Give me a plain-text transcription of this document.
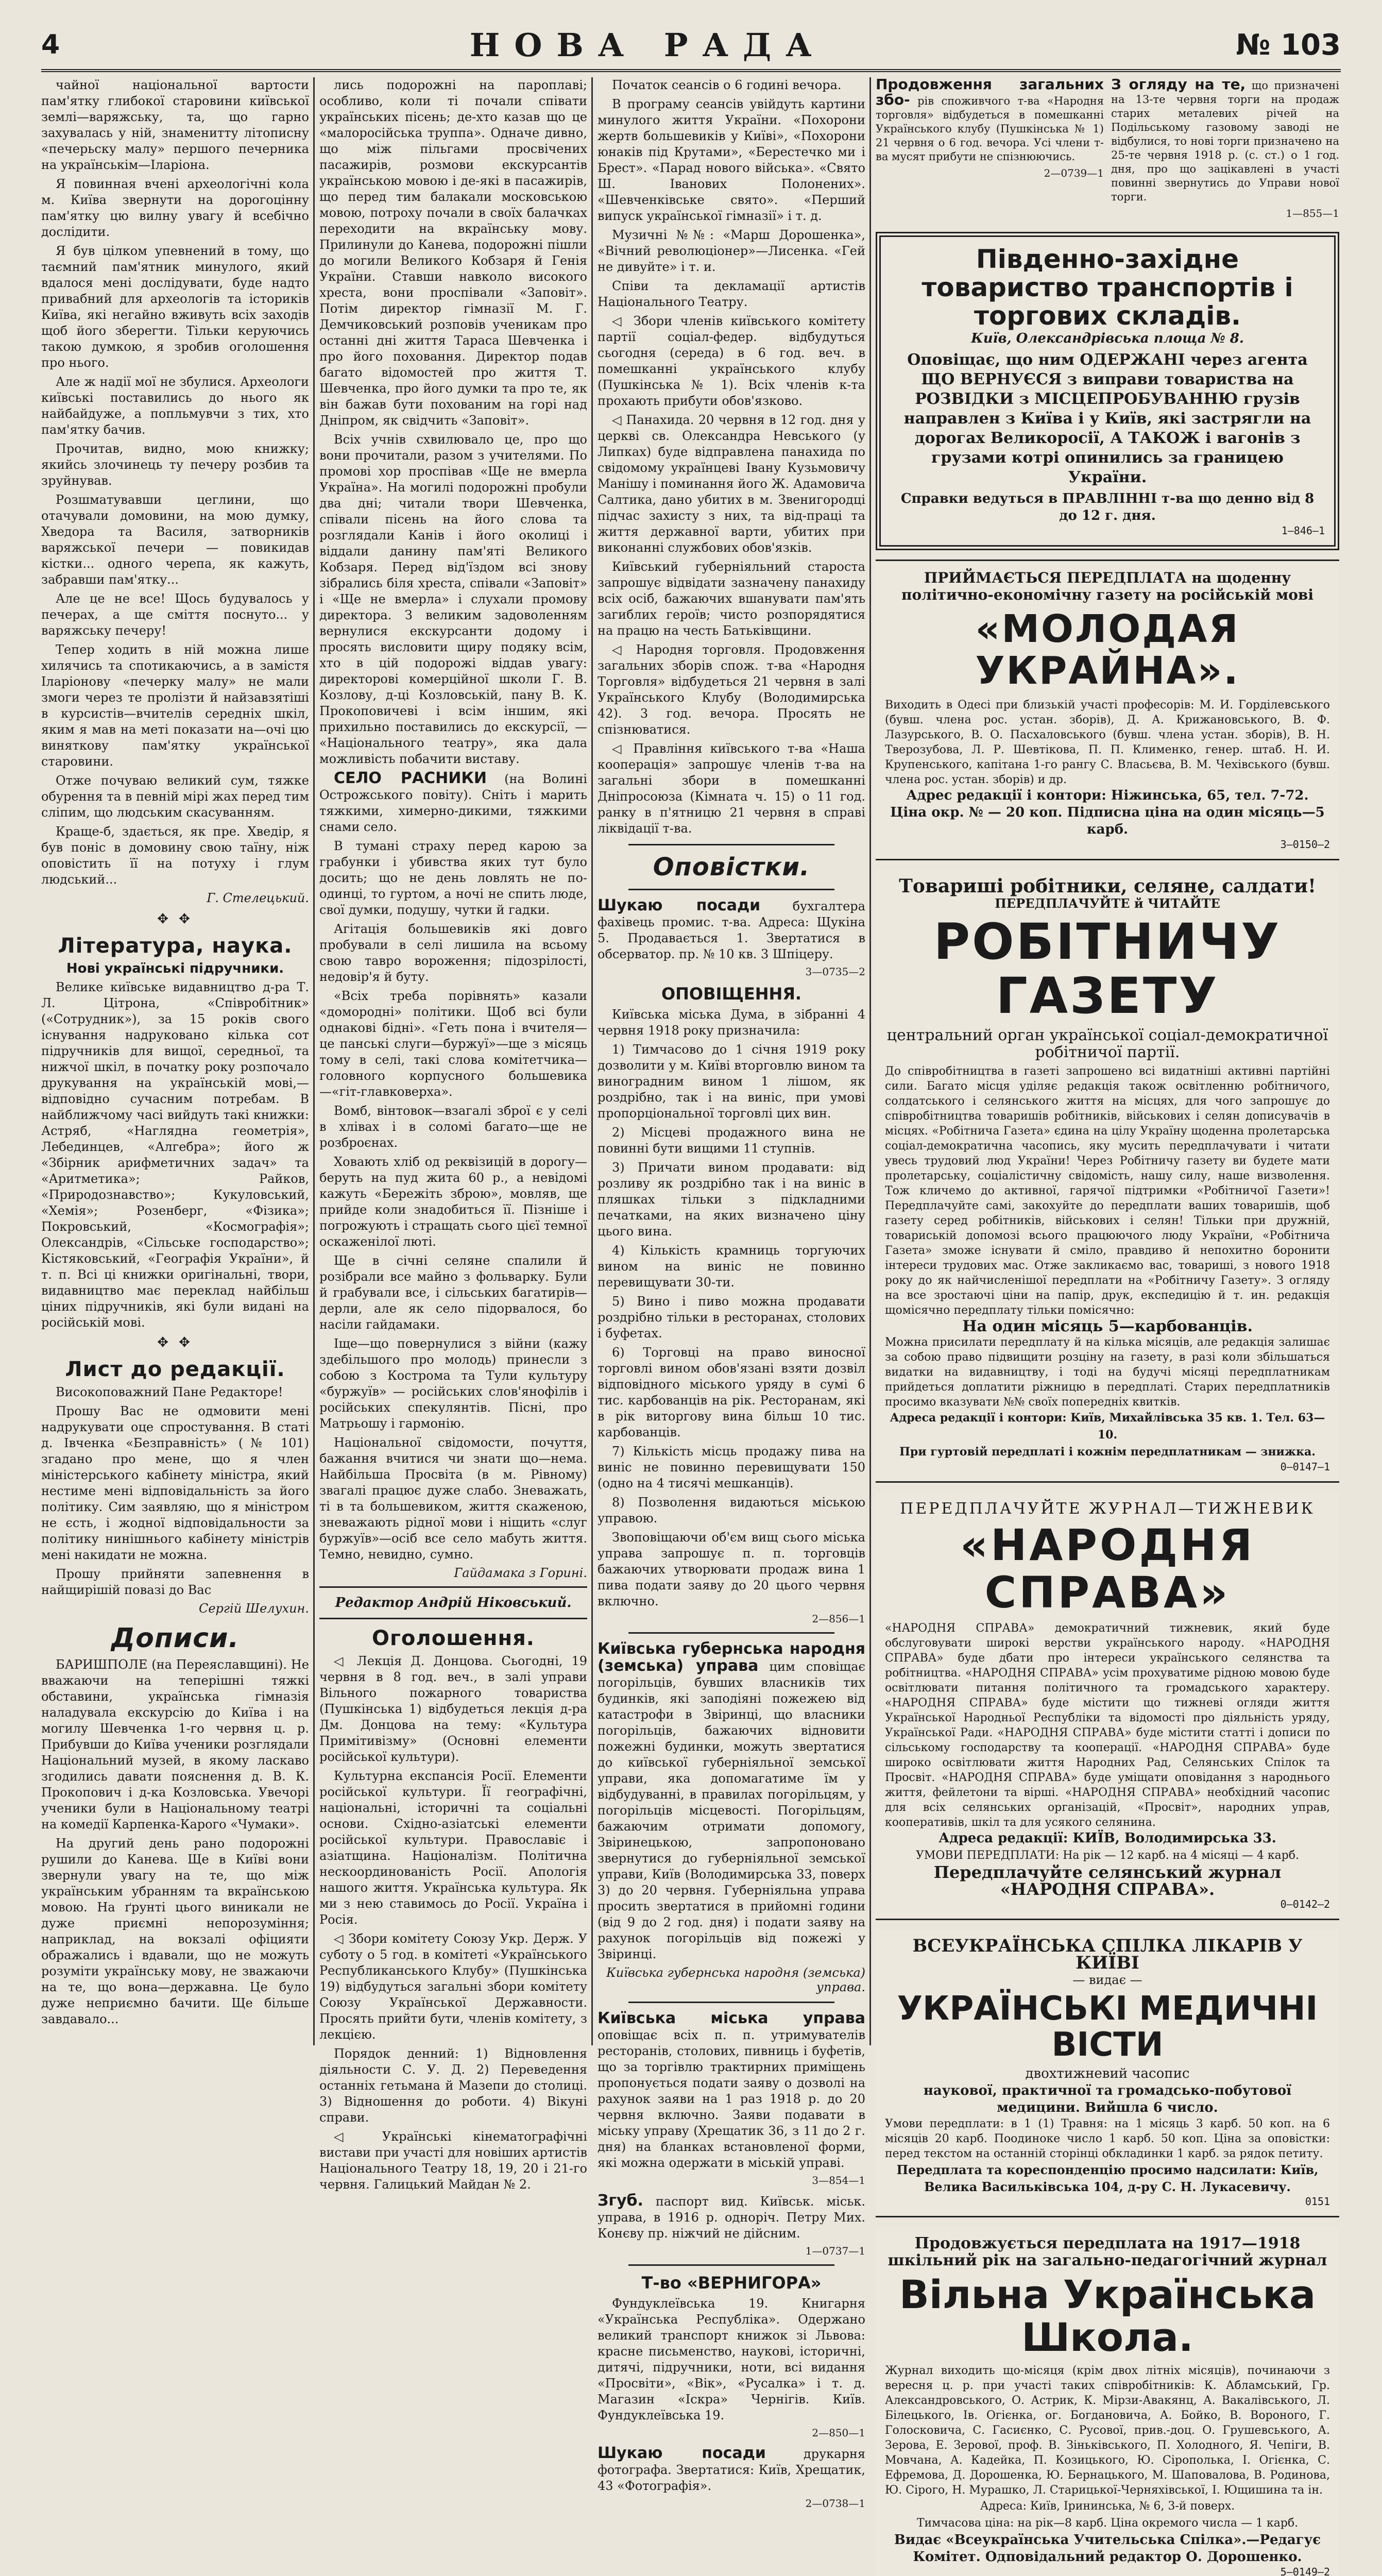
4	НОВА РАДА	№ 103

чайної національної вартости пам'ятку глибокої старовини київської землі—варяжську, та, що гарно захувалась у ній, знаменитту літописну «печерьску малу» першого печерника на українськім—Іларіона.

Я повинная вчені археологічні кола м. Київа звернути на дорогоцінну пам'ятку цю вилну увагу й всебічно дослідити.

Я був цілком упевнений в тому, що таємний пам'ятник минулого, який вдалося мені дослідувати, буде надто привабний для археологів та істориків Київа, які негайно вживуть всіх заходів щоб його зберегти. Тільки керуючись такою думкою, я зробив оголошення про нього.

Але ж надії мої не збулися. Археологи київські поставились до нього як найбайдуже, а попльмувчи з тих, хто пам'ятку бачив.

Прочитав, видно, мою книжку; якийсь злочинець ту печеру розбив та зруйнував.

Розшматувавши цеглини, що отачували домовини, на мою думку, Хведора та Василя, затворників варяжської печери — повикидав кістки... одного черепа, як кажуть, забравши пам'ятку...

Але це не все! Щось будувалось у печерах, а ще сміття поснуто... у варяжську печеру!

Тепер ходить в ній можна лише хилячись та спотикаючись, а в замістя Іларіонову «печерку малу» не мали змоги через те пролізти й найзавзятіші в курсистів—вчителів середніх шкіл, яким я мав на меті показати на—очі цю виняткову пам'ятку української старовини.

Отже почуваю великий сум, тяжке обурення та в певній мірі жах перед тим сліпим, що людським скасуванням.

Краще-б, здається, як пре. Хведір, я був поніс в домовину свою таїну, ніж оповістить її на потуху і глум людський...

Г. Стелецький.
✥ ✥
Література, наука.
Нові українські підручники.

Велике київське видавництво д-ра Т. Л. Цітрона, «Співробітник» («Сотрудник»), за 15 років свого існування надруковано кілька сот підручників для вищої, середньої, та нижчої шкіл, в початку року розпочало друкування на українській мові,—відповідно сучасним потребам. В найближчому часі вийдуть такі книжки: Астряб, «Наглядна геометрія», Лебединцев, «Алгебра»; його ж «Збірник арифметичних задач» та «Аритметика»; Райков, «Природознавство»; Кукуловський, «Хемія»; Розенберг, «Фізика»; Покровський, «Космографія»; Олександрів, «Сільське господарство»; Кістяковський, «Географія України», й т. п. Всі ці книжки оригінальні, твори, видавництво має переклад найбільш ціних підручників, які були видані на російській мові.

✥ ✥
Лист до редакції.

Високоповажний Пане Редакторе!

Прошу Вас не одмовити мені надрукувати оце спростування. В статі д. Івченка «Безправність» (№ 101) згадано про мене, що я член міністерського кабінету міністра, який нестиме мені відповідальність за його політику. Сим заявляю, що я міністром не єсть, і жодної відповідальности за політику нинішнього кабінету міністрів мені накидати не можна.

Прошу прийняти запевнення в найщирішій повазі до Вас

Сергій Шелухин.
Дописи.

БАРИШПОЛЕ (на Переяславщині). Не вважаючи на теперішні тяжкі обставини, українська гімназія наладувала екскурсію до Київа і на могилу Шевченка 1-го червня ц. р. Прибувши до Київа ученики розглядали Національний музей, в якому ласкаво згодились давати пояснення д. В. К. Прокопович і д-ка Козловська. Увечорі ученики були в Національному театрі на комедії Карпенка-Карого «Чумаки».

На другий день рано подорожні рушили до Канева. Ще в Київі вони звернули увагу на те, що між українським убранням та вкраїнською мовою. На ґрунті цього виникали не дуже приємні непорозуміння; наприклад, на вокзалі офіцияти ображались і вдавали, що не можуть розуміти українську мову, не зважаючи на те, що вона—державна. Це було дуже неприємно бачити. Ще більше завдавало...

лись подорожні на пароплаві; особливо, коли ті почали співати українських пісень; де-хто казав що це «малоросійська труппа». Одначе дивно, що між пільгами просвічених пасажирів, розмови екскурсантів українською мовою і де-які в пасажирів, що перед тим балакали московською мовою, потроху почали в своїх балачках переходити на вкраїнську мову. Прилинули до Канева, подорожні пішли до могили Великого Кобзаря й Генія України. Ставши навколо високого хреста, вони проспівали «Заповіт». Потім директор гімназії М. Г. Демчиковський розповів ученикам про останні дні життя Тараса Шевченка і про його поховання. Директор подав багато відомостей про життя Т. Шевченка, про його думки та про те, як він бажав бути похованим на горі над Дніпром, як свідчить «Заповіт».

Всіх учнів схвилювало це, про що вони прочитали, разом з учителями. По промові хор проспівав «Ще не вмерла Україна». На могилі подорожні пробули два дні; читали твори Шевченка, співали пісень на його слова та розглядали Канів і його околиці і віддали данину пам'яті Великого Кобзаря. Перед від'їздом всі знову зібрались біля хреста, співали «Заповіт» і «Ще не вмерла» і слухали промову директора. З великим задоволенням вернулися екскурсанти додому і просять висловити щиру подяку всім, хто в цій подорожі віддав увагу: директорові комерційної школи Г. В. Козлову, д-ці Козловській, пану В. К. Прокоповичеві і всім іншим, які прихильно поставились до екскурсії, — «Національного театру», яка дала можливість побачити виставу.

СЕЛО РАСНИКИ (на Волині Острожського повіту). Сніть і марить тяжкими, химерно-дикими, тяжкими снами село.

В тумані страху перед карою за грабунки і убивства яких тут було досить; що не день ловлять не по-одинці, то гуртом, а ночі не спить люде, свої думки, подушу, чутки й гадки.

Агітація большевиків які довго пробували в селі лишила на всьому свою тавро вороження; підозрілості, недовір'я й буту.

«Всіх треба порівнять» казали «домородні» політики. Щоб всі були однакові бідні». «Геть пона і вчителя—це панські слуги—буржуї»—ще з місяць тому в селі, такі слова комітетчика—головного корпусного большевика—«гіт-главковерха».

Вомб, вінтовок—взагалі зброї є у селі в хлівах і в соломі багато—ще не розброєнах.

Ховають хліб од реквізицій в дорогу—беруть на пуд жита 60 р., а невідомі кажуть «Бережіть зброю», мовляв, ще прийде коли знадобиться її. Пізніше і погрожують і стращать сього цієї темної оскаженілої люті.

Ще в січні селяне спалили й розібрали все майно з фольварку. Були й грабували все, і сільських багатирів—дерли, але як село підорвалося, бо насіли гайдамаки.

Іще—що повернулися з війни (кажу здебільшого про молодь) принесли з собою з Кострома та Тули культуру «буржуїв» — російських слов'янофілів і російських спекулянтів. Пісні, про Матрьошу і гармонію.

Національної свідомости, почуття, бажання вчитися чи знати що—нема. Найбільша Просвіта (в м. Рівному) звагалі працює дуже слабо. Зневажать, ті в та большевиком, життя скаженою, зневажають рідної мови і ніщить «слуг буржуїв»—осіб все село мабуть життя. Темно, невидно, сумно.

Гайдамака з Горині.
Редактор Андрій Ніковський.
Оголошення.

◁ Лекція Д. Донцова. Сьогодні, 19 червня в 8 год. веч., в залі управи Вільного пожарного товариства (Пушкінська 1) відбудеться лекція д-ра Дм. Донцова на тему: «Культура Примітивізму» (Основні елементи російської культури).

Культурна експансія Росії. Елементи російської культури. Її географічні, національні, історичні та соціальні основи. Східно-азіатські елементи російської культури. Православіє і азіатщина. Націоналізм. Політична нескоординованість Росії. Апологія нашого життя. Українська культура. Як ми з нею ставимось до Росії. Україна і Росія.

◁ Збори комітету Союзу Укр. Держ. У суботу о 5 год. в комітеті «Українського Республиканського Клубу» (Пушкінська 19) відбудуться загальні збори комітету Союзу Української Державности. Просять прийти бути, членів комітету, з лекцією.

Порядок денний: 1) Відновлення діяльности С. У. Д. 2) Переведення останніх гетьмана й Мазепи до столиці. 3) Відношення до роботи. 4) Вікуні справи.

◁ Українські кінематографічні вистави при участі для новіших артистів Національного Театру 18, 19, 20 і 21-го червня. Галицький Майдан № 2.

Початок сеансів о 6 годині вечора.

В програму сеансів увійдуть картини минулого життя України. «Похорони жертв большевиків у Київі», «Похорони юнаків під Крутами», «Берестечко ми і Брест». «Парад нового війська». «Свято Ш. Іванових Полонених». «Шевченківське свято». «Перший випуск української гімназії» і т. д.

Музичні №№: «Марш Дорошенка», «Вічний революціонер»—Лисенка. «Гей не дивуйте» і т. и.

Співи та декламації артистів Національного Театру.

◁ Збори членів київського комітету партії соціал-федер. відбудуться сьогодня (середа) в 6 год. веч. в помешканні українського клубу (Пушкінська № 1). Всіх членів к-та прохають прибути обов'язково.

◁ Панахида. 20 червня в 12 год. дня у церкві св. Олександра Невського (у Липках) буде відправлена панахида по свідомому українцеві Івану Кузьмовичу Манішу і поминання його Ж. Адамовича Салтика, дано убитих в м. Звенигородці підчас захисту з них, та від-праці та життя державної варти, убитих при виконанні службових обов'язків.

Київський губерніяльний староста запрошує відвідати зазначену панахиду всіх осіб, бажаючих вшанувати пам'ять загиблих героїв; чисто розпорядятися на працю на честь Батьківщини.

◁ Народня торговля. Продовження загальних зборів спож. т-ва «Народня Торговля» відбудеться 21 червня в залі Українського Клубу (Володимирська 42). 3 год. вечора. Просять не спізнюватися.

◁ Правління київського т-ва «Наша кооперація» запрошує членів т-ва на загальні збори в помешканні Дніпросоюза (Кімната ч. 15) о 11 год. ранку в п'ятницю 21 червня в справі ліквідації т-ва.

Оповістки.

Шукаю посади	бухгалтера фахівець промис. т-ва. Адреса: Щукіна 5. Продавається 1. Звертатися в обсерватор. пр. № 10 кв. 3 Шпіцеру.

3—0735—2
ОПОВІЩЕННЯ.

Київська міська Дума, в зібранні 4 червня 1918 року призначила:

1) Тимчасово до 1 січня 1919 року дозволити у м. Київі вторговлю вином та виноградним вином 1 лішом, як роздрібно, так і на виніс, при умові пропорціональної торговлі цих вин.

2) Місцеві продажного вина не повинні бути вищими 11 ступнів.

3) Причати вином продавати: від розливу як роздрібно так і на виніс в пляшках тільки з підкладними печатками, на яких визначено ціну цього вина.

4) Кількість крамниць торгуючих вином на виніс не повинно перевищувати 30-ти.

5) Вино і пиво можна продавати роздрібно тільки в ресторанах, столових і буфетах.

6) Торговці на право виносної торговлі вином обов'язані взяти дозвіл відповідного міського уряду в сумі 6 тис. карбованців на рік. Ресторанам, які в рік виторгову вина більш 10 тис. карбованців.

7) Кількість місць продажу пива на виніс не повинно перевищувати 150 (одно на 4 тисячі мешканців).

8) Позволення видаються міською управою.

Звоповіщаючи об'єм вищ сього міська управа запрошує п. п. торговців бажаючих утворювати продаж вина 1 пива подати заяву до 20 цього червня включно.

2—856—1

Київська губернська народня (земська) управа цим сповіщає погорільців, бувших власників тих будинків, які заподіяні пожежею від катастрофи в Звіринці, що власники погорільців, бажаючих відновити пожежні будинки, можуть звертатися до київської губерніяльної земської управи, яка допомагатиме їм у відбудуванні, в правилах погорільцям, у погорільців місцевості. Погорільцям, бажаючим отримати допомогу, Звіринецькою, запропоновано звернутися до губерніяльної земської управи, Київ (Володимирська 33, поверх 3) до 20 червня. Губерніяльна управа просить звертатися в прийомні години (від 9 до 2 год. дня) і подати заяву на рахунок погорільців від пожежі у Звіринці.

Київська губернська народня (земська) управа.

Київська міська управа оповіщає всіх п. п. утримувателів ресторанів, столових, пивниць і буфетів, що за торгівлю трактирних приміщень пропонується подати заяву о дозволі на рахунок заяви на 1 раз 1918 р. до 20 червня включно. Заяви подавати в міську управу (Хрещатик 36, з 11 до 2 г. дня) на бланках встановленої форми, які можна одержати в міській управі.

3—854—1

Згуб. паспорт вид. Київськ. міськ. управа, в 1916 р. одноріч. Петру Мих. Конєву пр. ніжчий не дійсним.

1—0737—1
Т-во «ВЕРНИГОРА»

Фундуклеївська 19. Книгарня «Українська Республіка». Одержано великий транспорт книжок зі Львова: красне письменство, наукові, історичні, дитячі, підручники, ноти, всі видання «Просвіти», «Вік», «Русалка» і т. д. Магазин «Іскра» Чернігів. Київ. Фундуклеївська 19.

2—850—1

Шукаю посади	друкарня фотографа. Звертатися: Київ, Хрещатик, 43 «Фотографія».

2—0738—1

Продовження загальних збо- рів споживчого т-ва «Народня торговля» відбудеться в помешканні Українського клубу (Пушкінська № 1) 21 червня о 6 год. вечора. Усі члени т-ва мусят прибути не спізнюючись.

2—0739—1

З огляду на те, що призначені на 13-те червня торги на продаж старих металевих річей на Подільському газовому заводі не відбулися, то нові торги призначено на 25-те червня 1918 р. (с. ст.) о 1 год. дня, про що зацікавлені в участі повинні звернутись до Управи нової торги.

1—855—1
Південно-західне товариство транспортів і торгових складів.
Київ, Олександрівська площа № 8.
Оповіщає, що ним ОДЕРЖАНІ через агента ЩО ВЕРНУЄСЯ з виправи товариства на РОЗВІДКИ з МІСЦЕПРОБУВАННЮ грузів направлен з Київа і у Київ, які застрягли на дорогах Великоросії, А ТАКОЖ і вагонів з грузами котрі опинились за границею України.
Справки ведуться в ПРАВЛІННІ т-ва що денно від 8 до 12 г. дня.
1—846—1
ПРИЙМАЄТЬСЯ ПЕРЕДПЛАТА на щоденну політично-економічну газету на російській мові
«МОЛОДАЯ УКРАЙНА».
Виходить в Одесі при близькій участі професорів: М. И. Горділевського (бувш. члена рос. устан. зборів), Д. А. Крижановського, В. Ф. Лазурського, В. О. Пасхаловського (бувш. члена устан. зборів), В. Н. Тверозубова, Л. Р. Шевтікова, П. П. Клименко, генер. штаб. Н. И. Крупенського, капітана 1-го рангу С. Власьєва, В. М. Чехівського (бувш. члена рос. устан. зборів) и др.
Адрес редакції і контори: Ніжинська, 65, тел. 7-72.
Ціна окр. № — 20 коп. Підписна ціна на один місяць—5 карб.
3—0150—2
Товариші робітники, селяне, салдати!
ПЕРЕДПЛАЧУЙТЕ й ЧИТАЙТЕ
РОБІТНИЧУ ГАЗЕТУ
центральний орган української соціал-демократичної робітничої партії.
До співробітництва в газеті запрошено всі видатніші активні партійні сили. Багато місця уділяє редакція також освітленню робітничого, солдатського і селянського життя на місцях, для чого запрошує до співробітництва товаришів робітників, військових і селян дописувачів в місцях. «Робітнича Газета» єдина на цілу Україну щоденна пролетарська соціал-демократична часопись, яку мусить передплачувати і читати увесь трудовий люд України! Через Робітничу газету ви будете мати пролетарську, соціалістичну свідомість, нашу силу, наше визволення. Тож кличемо до активної, гарячої підтримки «Робітничої Газети»! Передплачуйте самі, закохуйте до передплати ваших товаришів, щоб газету серед робітників, військових і селян! Тільки при дружній, товариській допомозі всього працюючого люду України, «Робітнича Газета» зможе існувати й сміло, правдиво й непохитно боронити інтереси трудових мас. Отже закликаємо вас, товариші, з нового 1918 року до як найчисленішої передплати на «Робітничу Газету». З огляду на все зростаючі ціни на папір, друк, експедицію й т. ин. редакція щомісячно передплату тільки помісячно:
На один місяць 5—карбованців.
Можна присилати передплату й на кілька місяців, але редакція залишає за собою право підвищити розціну на газету, в разі коли збільшаться видатки на видавництву, і тоді на будучі місяці передплатникам прийдеться доплатити ріжницю в передплаті. Старих передплатників просимо вказувати №№ своїх попередніх квитків.
Адреса редакції і контори: Київ, Михайлівська 35 кв. 1. Тел. 63—10.
При гуртовій передплаті і кожнім передплатникам — знижка.
0—0147—1
ПЕРЕДПЛАЧУЙТЕ ЖУРНАЛ—ТИЖНЕВИК
«НАРОДНЯ СПРАВА»
«НАРОДНЯ СПРАВА» демократичний тижневик, який буде обслуговувати широкі верстви українського народу. «НАРОДНЯ СПРАВА» буде дбати про інтереси українського селянства та робітництва. «НАРОДНЯ СПРАВА» усім прохуватиме рідною мовою буде освітлювати питання політичного та громадського характеру. «НАРОДНЯ СПРАВА» буде містити що тижневі огляди життя Української Народньої Республіки та відомості про діяльність уряду, Української Ради. «НАРОДНЯ СПРАВА» буде містити статті і дописи по сільському господарству та кооперації. «НАРОДНЯ СПРАВА» буде широко освітлювати життя Народних Рад, Селянських Спілок та Просвіт. «НАРОДНЯ СПРАВА» буде уміщати оповідання з народнього життя, фейлетони та вірші. «НАРОДНЯ СПРАВА» необхідний часопис для всіх селянських організацій, «Просвіт», народних управ, кооперативів, шкіл та для усякого селянина.
Адреса редакції: КИЇВ, Володимирська 33.
УМОВИ ПЕРЕДПЛАТИ: На рік — 12 карб. на 4 місяці — 4 карб.
Передплачуйте селянський журнал «НАРОДНЯ СПРАВА».
0—0142—2
ВСЕУКРАЇНСЬКА СПІЛКА ЛІКАРІВ У КИЇВІ
— видає —
УКРАЇНСЬКІ МЕДИЧНІ ВІСТИ
двохтижневий часопис
наукової, практичної та громадсько-побутової медицини. Вийшла 6 число.
Умови передплати: в 1 (1) Травня: на 1 місяць 3 карб. 50 коп. на 6 місяців 20 карб. Поодиноке число 1 карб. 50 коп. Ціна за оповістки: перед текстом на останній сторінці обкладинки 1 карб. за рядок петиту.
Передплата та кореспонденцію просимо надсилати: Київ, Велика Васильківська 104, д-ру С. Н. Лукасевичу.
0151
Продовжується передплата на 1917—1918 шкільний рік на загально-педагогічний журнал
Вільна Українська Школа.
Журнал виходить що-місяця (крім двох літніх місяців), починаючи з вересня ц. р. при участі таких співробітників: К. Абламський, Гр. Александровського, О. Астрик, К. Мірзи-Авакянц, А. Вакалівського, Л. Білецького, Ів. Огієнка, ог. Богдановича, А. Бойко, В. Вороного, Г. Голосковича, С. Гасиєнко, С. Русової, прив.-доц. О. Грушевського, А. Зерова, Е. Зерової, проф. В. Зіньківського, П. Холодного, Я. Чепіги, В. Мовчана, А. Кадейка, П. Козицького, Ю. Сірополька, І. Огієнка, С. Ефремова, Д. Дорошенка, Ю. Бернацького, М. Шаповалова, В. Родинова, Ю. Сірого, Н. Мурашко, Л. Старицької-Черняхівської, І. Ющишина та ін.
Адреса: Київ, Ірининська, № 6, 3-й поверх.
Тимчасова ціна: на рік—8 карб. Ціна окремого числа — 1 карб.
Видає «Всеукраїнська Учительська Спілка».—Редагує Комітет. Одповідальний редактор О. Дорошенко.
5—0149—2
